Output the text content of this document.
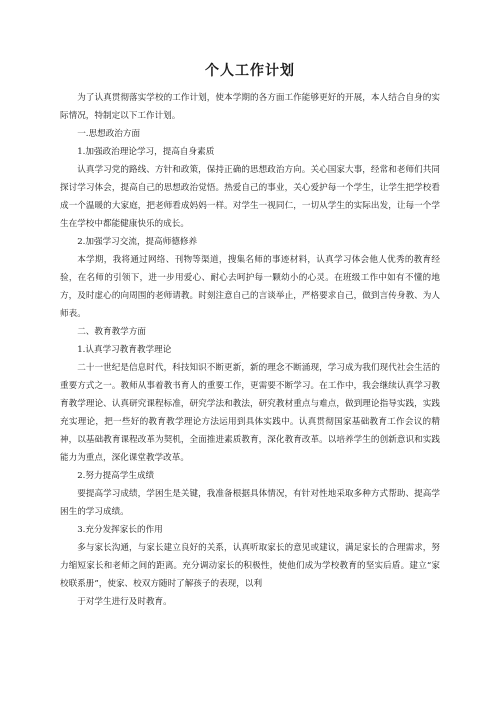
个人工作计划

为了认真贯彻落实学校的工作计划，使本学期的各方面工作能够更好的开展，本人结合自身的实际情况，特制定以下工作计划。

一.思想政治方面

1.加强政治理论学习，提高自身素质

认真学习党的路线、方针和政策，保持正确的思想政治方向。关心国家大事，经常和老师们共同探讨学习体会，提高自己的思想政治觉悟。热爱自己的事业，关心爱护每一个学生，让学生把学校看成一个温暖的大家庭，把老师看成妈妈一样。对学生一视同仁，一切从学生的实际出发，让每一个学生在学校中都能健康快乐的成长。

2.加强学习交流，提高师德修养

本学期，我将通过网络、刊物等渠道，搜集名师的事迹材料，认真学习体会他人优秀的教育经验，在名师的引领下，进一步用爱心、耐心去呵护每一颗幼小的心灵。在班级工作中如有不懂的地方，及时虚心的向周围的老师请教。时刻注意自己的言谈举止，严格要求自己，做到言传身教、为人师表。

二、教育教学方面

1.认真学习教育教学理论

二十一世纪是信息时代，科技知识不断更新，新的理念不断涌现，学习成为我们现代社会生活的重要方式之一。教师从事着教书育人的重要工作，更需要不断学习。在工作中，我会继续认真学习教育教学理论、认真研究课程标准，研究学法和教法，研究教材重点与难点，做到理论指导实践，实践充实理论，把一些好的教育教学理论方法运用到具体实践中。认真贯彻国家基础教育工作会议的精神，以基础教育课程改革为契机，全面推进素质教育，深化教育改革。以培养学生的创新意识和实践能力为重点，深化课堂教学改革。

2.努力提高学生成绩

要提高学习成绩，学困生是关键，我准备根据具体情况，有针对性地采取多种方式帮助、提高学困生的学习成绩。

3.充分发挥家长的作用

多与家长沟通，与家长建立良好的关系，认真听取家长的意见或建议，满足家长的合理需求，努力缩短家长和老师之间的距离。充分调动家长的积极性，使他们成为学校教育的坚实后盾。建立“家校联系册”，使家、校双方随时了解孩子的表现，以利

于对学生进行及时教育。
